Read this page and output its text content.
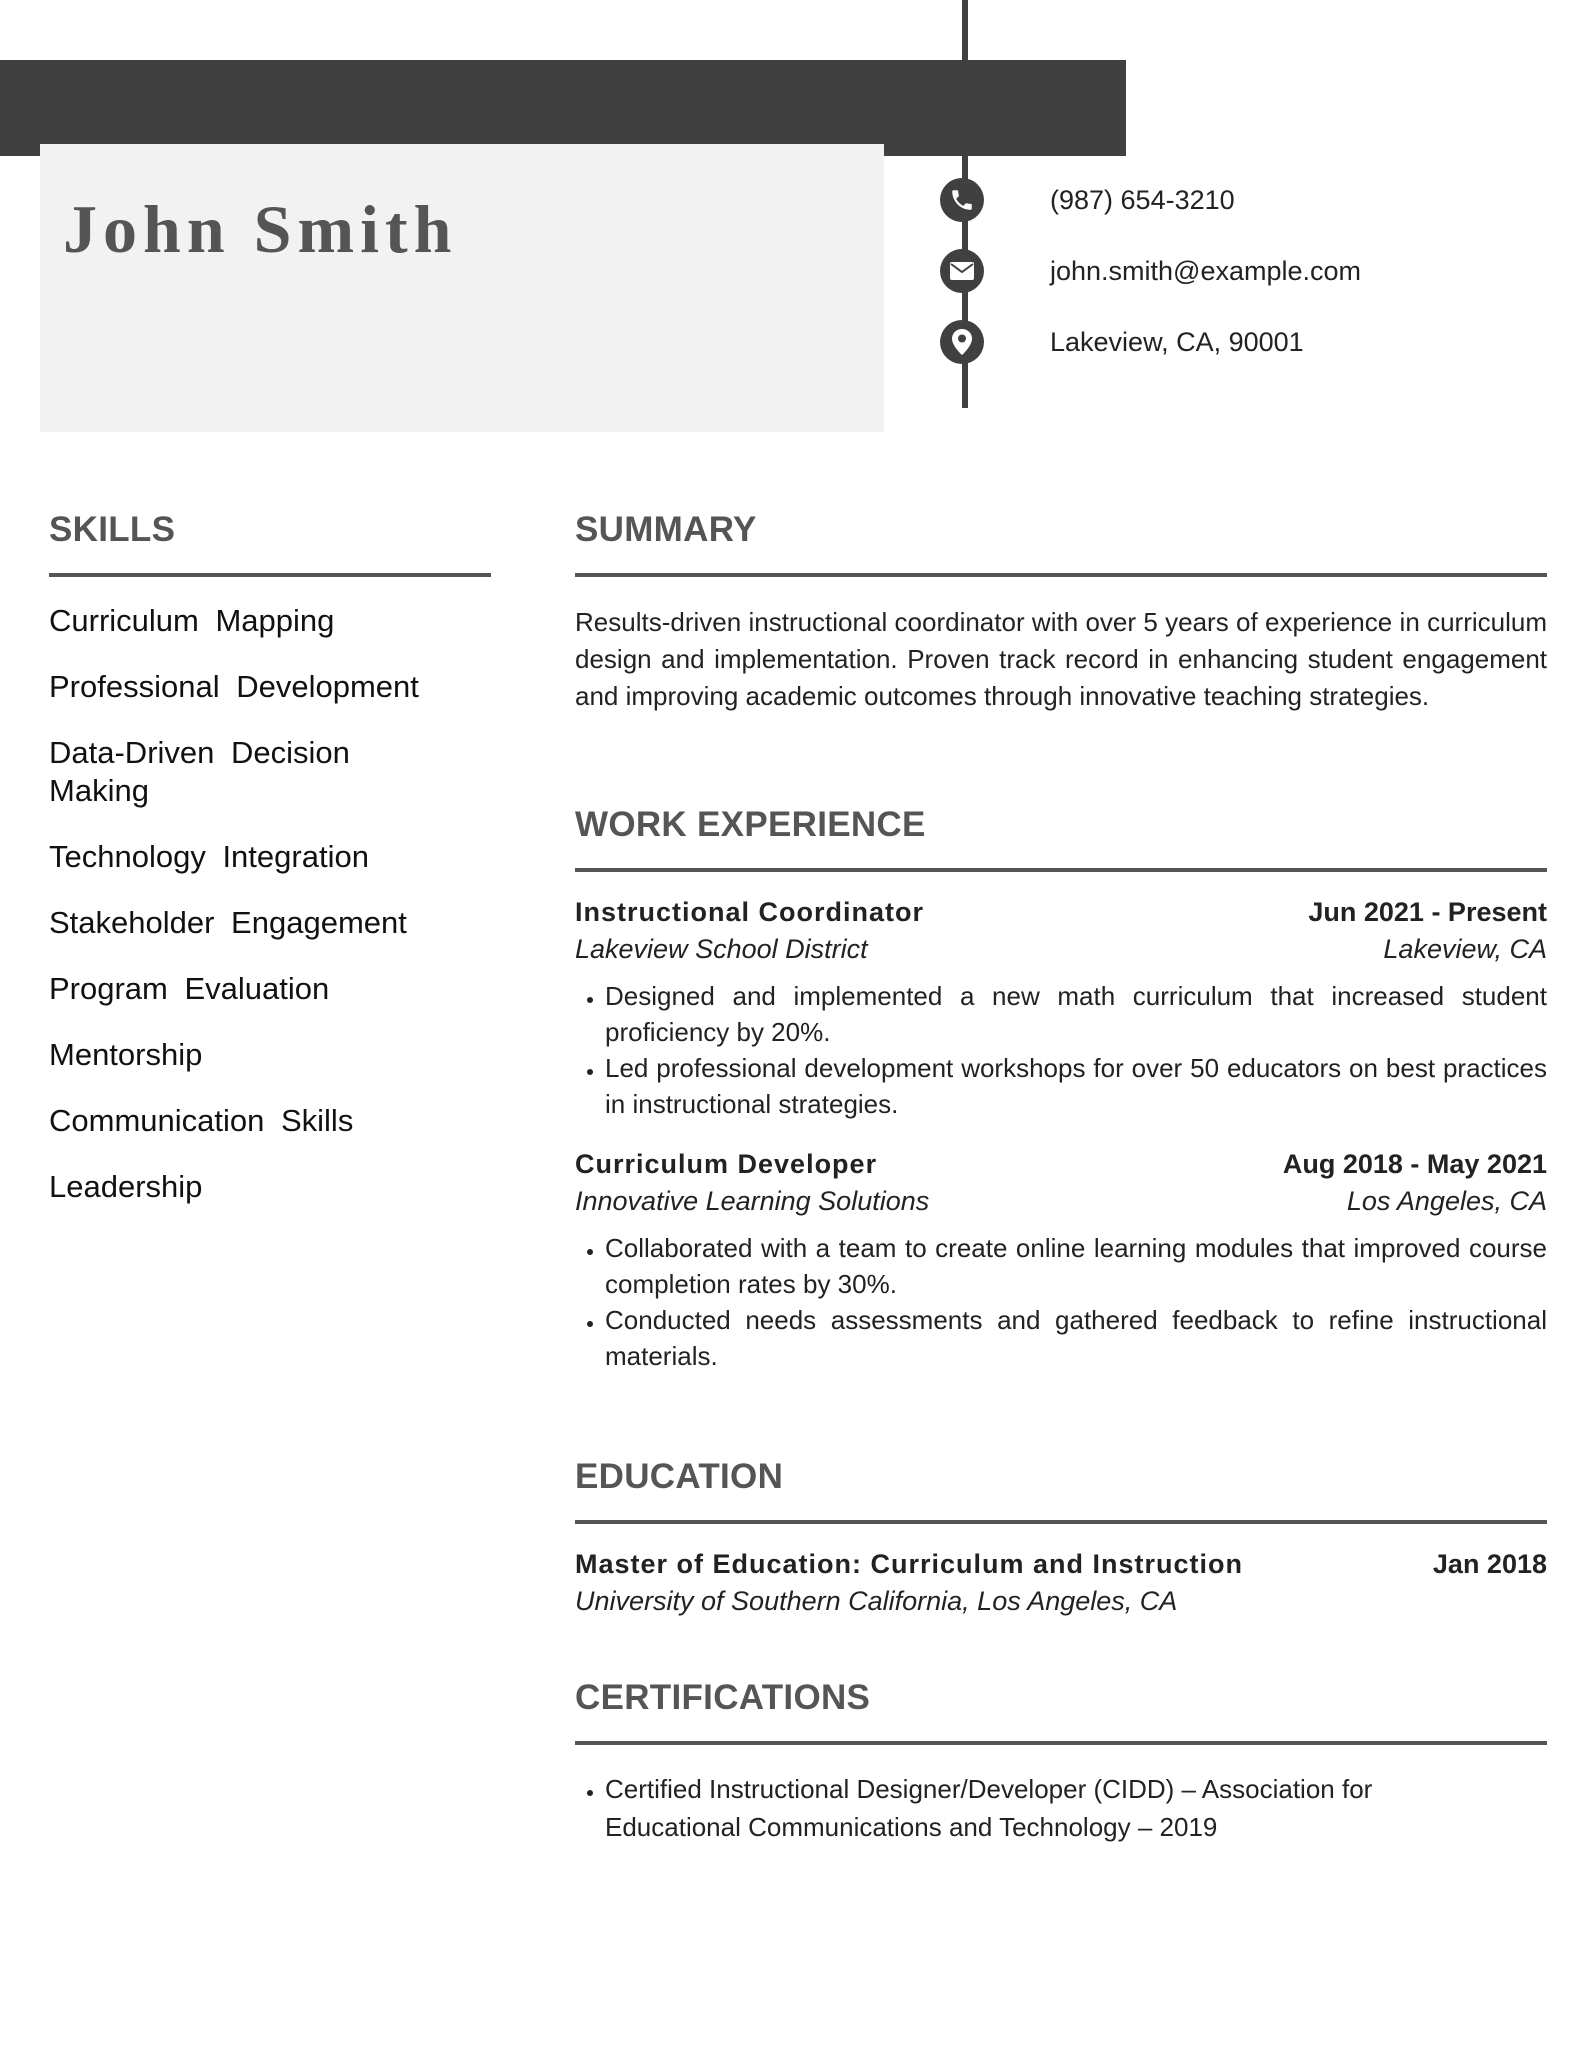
John Smith	(987) 654-3210
john.smith@example.com
Lakeview, CA, 90001
SKILLS
Curriculum Mapping
Professional Development
Data-Driven Decision Making
Technology Integration
Stakeholder Engagement
Program Evaluation
Mentorship
Communication Skills
Leadership
SUMMARY
Results-driven instructional coordinator with over 5 years of experience in curriculum design and implementation. Proven track record in enhancing student engagement and improving academic outcomes through innovative teaching strategies.
WORK EXPERIENCE
Instructional Coordinator	Jun 2021 - Present
Lakeview School District	Lakeview, CA
• Designed and implemented a new math curriculum that increased student proficiency by 20%.
• Led professional development workshops for over 50 educators on best practices in instructional strategies.
Curriculum Developer	Aug 2018 - May 2021
Innovative Learning Solutions	Los Angeles, CA
• Collaborated with a team to create online learning modules that improved course completion rates by 30%.
• Conducted needs assessments and gathered feedback to refine instructional materials.
EDUCATION
Master of Education: Curriculum and Instruction	Jan 2018
University of Southern California, Los Angeles, CA
CERTIFICATIONS
• Certified Instructional Designer/Developer (CIDD) – Association for Educational Communications and Technology – 2019
